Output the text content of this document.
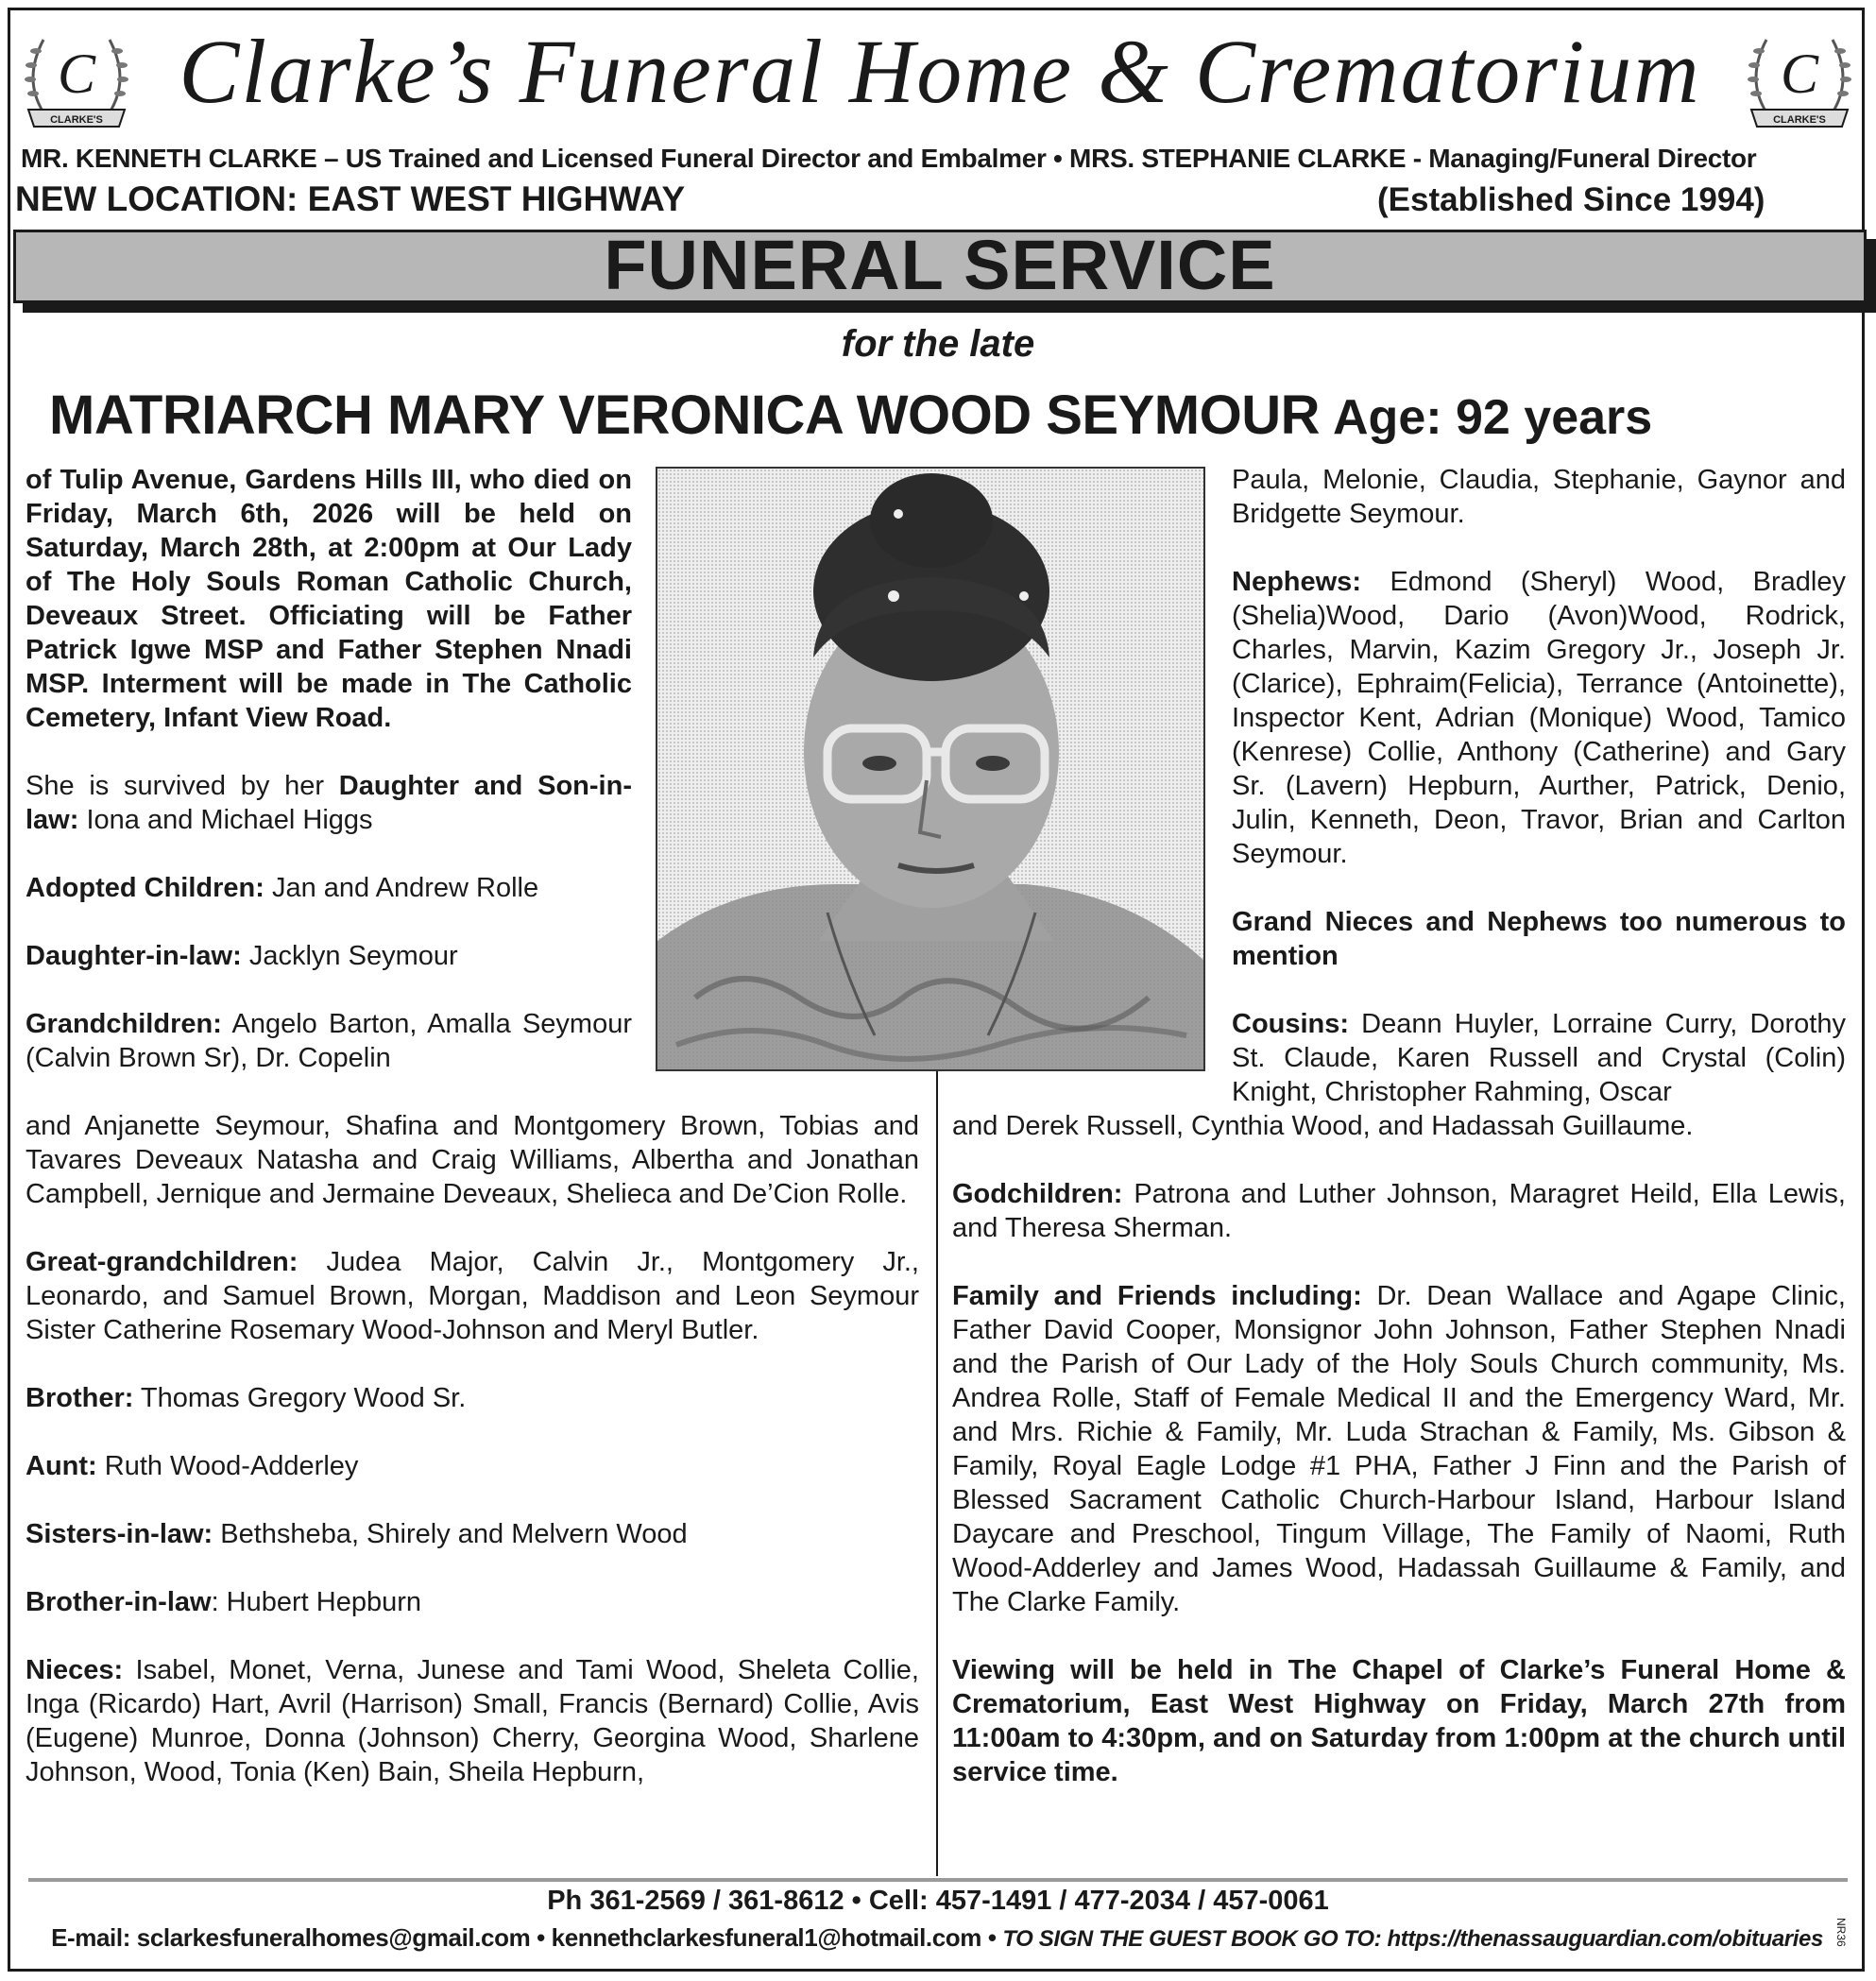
C
CLARKE'S
C
CLARKE'S
Clarke’s Funeral Home & Crematorium
MR. KENNETH CLARKE – US Trained and Licensed Funeral Director and Embalmer • MRS. STEPHANIE CLARKE - Managing/Funeral Director
NEW LOCATION: EAST WEST HIGHWAY	(Established Since 1994)
FUNERAL SERVICE
for the late
MATRIARCH MARY VERONICA WOOD SEYMOUR Age: 92 years

of Tulip Avenue, Gardens Hills III, who died on Friday, March 6th, 2026 will be held on Saturday, March 28th, at 2:00pm at Our Lady of The Holy Souls Roman Catholic Church, Deveaux Street. Officiating will be Father Patrick Igwe MSP and Father Stephen Nnadi MSP. Interment will be made in The Catholic Cemetery, Infant View Road.

She is survived by her Daughter and Son-in-law: Iona and Michael Higgs

Adopted Children: Jan and Andrew Rolle

Daughter-in-law: Jacklyn Seymour

Grandchildren: Angelo Barton, Amalla Seymour (Calvin Brown Sr), Dr. Copelin

and Anjanette Seymour, Shafina and Montgomery Brown, Tobias and Tavares Deveaux Natasha and Craig Williams, Albertha and Jonathan Campbell, Jernique and Jermaine Deveaux, Shelieca and De’Cion Rolle.

Great-grandchildren: Judea Major, Calvin Jr., Montgomery Jr., Leonardo, and Samuel Brown, Morgan, Maddison and Leon Seymour Sister Catherine Rosemary Wood-Johnson and Meryl Butler.

Brother: Thomas Gregory Wood Sr.

Aunt: Ruth Wood-Adderley

Sisters-in-law: Bethsheba, Shirely and Melvern Wood

Brother-in-law: Hubert Hepburn

Nieces: Isabel, Monet, Verna, Junese and Tami Wood, Sheleta Collie, Inga (Ricardo) Hart, Avril (Harrison) Small, Francis (Bernard) Collie, Avis (Eugene) Munroe, Donna (Johnson) Cherry, Georgina Wood, Sharlene Johnson, Wood, Tonia (Ken) Bain, Sheila Hepburn,

Paula, Melonie, Claudia, Stephanie, Gaynor and Bridgette Seymour.

Nephews: Edmond (Sheryl) Wood, Bradley (Shelia)Wood, Dario (Avon)Wood, Rodrick, Charles, Marvin, Kazim Gregory Jr., Joseph Jr. (Clarice), Ephraim(Felicia), Terrance (Antoinette), Inspector Kent, Adrian (Monique) Wood, Tamico (Kenrese) Collie, Anthony (Catherine) and Gary Sr. (Lavern) Hepburn, Aurther, Patrick, Denio, Julin, Kenneth, Deon, Travor, Brian and Carlton Seymour.

Grand Nieces and Nephews too numerous to mention

Cousins: Deann Huyler, Lorraine Curry, Dorothy St. Claude, Karen Russell and Crystal (Colin) Knight, Christopher Rahming, Oscar

and Derek Russell, Cynthia Wood, and Hadassah Guillaume.

Godchildren: Patrona and Luther Johnson, Maragret Heild, Ella Lewis, and Theresa Sherman.

Family and Friends including: Dr. Dean Wallace and Agape Clinic, Father David Cooper, Monsignor John Johnson, Father Stephen Nnadi and the Parish of Our Lady of the Holy Souls Church community, Ms. Andrea Rolle, Staff of Female Medical II and the Emergency Ward, Mr. and Mrs. Richie & Family, Mr. Luda Strachan & Family, Ms. Gibson & Family, Royal Eagle Lodge #1 PHA, Father J Finn and the Parish of Blessed Sacrament Catholic Church-Harbour Island, Harbour Island Daycare and Preschool, Tingum Village, The Family of Naomi, Ruth Wood-Adderley and James Wood, Hadassah Guillaume & Family, and The Clarke Family.

Viewing will be held in The Chapel of Clarke’s Funeral Home & Crematorium, East West Highway on Friday, March 27th from 11:00am to 4:30pm, and on Saturday from 1:00pm at the church until service time.

Ph 361-2569 / 361-8612 • Cell: 457-1491 / 477-2034 / 457-0061
E-mail: sclarkesfuneralhomes@gmail.com • kennethclarkesfuneral1@hotmail.com • TO SIGN THE GUEST BOOK GO TO: https://thenassauguardian.com/obituaries	NR36
